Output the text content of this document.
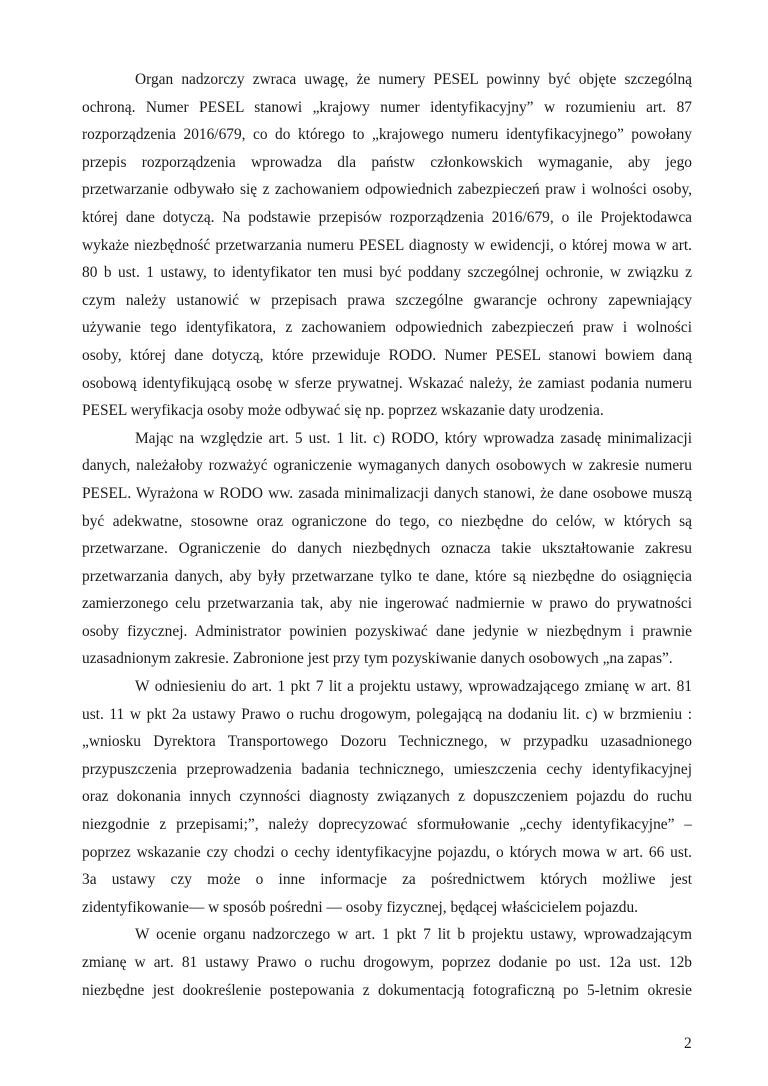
Organ nadzorczy zwraca uwagę, że numery PESEL powinny być objęte szczególną
ochroną. Numer PESEL stanowi „krajowy numer identyfikacyjny” w rozumieniu art. 87
rozporządzenia 2016/679, co do którego to „krajowego numeru identyfikacyjnego” powołany
przepis rozporządzenia wprowadza dla państw członkowskich wymaganie, aby jego
przetwarzanie odbywało się z zachowaniem odpowiednich zabezpieczeń praw i wolności osoby,
której dane dotyczą. Na podstawie przepisów rozporządzenia 2016/679, o ile Projektodawca
wykaże niezbędność przetwarzania numeru PESEL diagnosty w ewidencji, o której mowa w art.
80 b ust. 1 ustawy, to identyfikator ten musi być poddany szczególnej ochronie, w związku z
czym należy ustanowić w przepisach prawa szczególne gwarancje ochrony zapewniający
używanie tego identyfikatora, z zachowaniem odpowiednich zabezpieczeń praw i wolności
osoby, której dane dotyczą, które przewiduje RODO. Numer PESEL stanowi bowiem daną
osobową identyfikującą osobę w sferze prywatnej. Wskazać należy, że zamiast podania numeru
PESEL weryfikacja osoby może odbywać się np. poprzez wskazanie daty urodzenia.
Mając na względzie art. 5 ust. 1 lit. c) RODO, który wprowadza zasadę minimalizacji
danych, należałoby rozważyć ograniczenie wymaganych danych osobowych w zakresie numeru
PESEL. Wyrażona w RODO ww. zasada minimalizacji danych stanowi, że dane osobowe muszą
być adekwatne, stosowne oraz ograniczone do tego, co niezbędne do celów, w których są
przetwarzane. Ograniczenie do danych niezbędnych oznacza takie ukształtowanie zakresu
przetwarzania danych, aby były przetwarzane tylko te dane, które są niezbędne do osiągnięcia
zamierzonego celu przetwarzania tak, aby nie ingerować nadmiernie w prawo do prywatności
osoby fizycznej. Administrator powinien pozyskiwać dane jedynie w niezbędnym i prawnie
uzasadnionym zakresie. Zabronione jest przy tym pozyskiwanie danych osobowych „na zapas”.
W odniesieniu do art. 1 pkt 7 lit a projektu ustawy, wprowadzającego zmianę w art. 81
ust. 11 w pkt 2a ustawy Prawo o ruchu drogowym, polegającą na dodaniu lit. c) w brzmieniu :
„wniosku Dyrektora Transportowego Dozoru Technicznego, w przypadku uzasadnionego
przypuszczenia przeprowadzenia badania technicznego, umieszczenia cechy identyfikacyjnej
oraz dokonania innych czynności diagnosty związanych z dopuszczeniem pojazdu do ruchu
niezgodnie z przepisami;”, należy doprecyzować sformułowanie „cechy identyfikacyjne” –
poprzez wskazanie czy chodzi o cechy identyfikacyjne pojazdu, o których mowa w art. 66 ust.
3a ustawy czy może o inne informacje za pośrednictwem których możliwe jest
zidentyfikowanie— w sposób pośredni — osoby fizycznej, będącej właścicielem pojazdu.
W ocenie organu nadzorczego w art. 1 pkt 7 lit b projektu ustawy, wprowadzającym
zmianę w art. 81 ustawy Prawo o ruchu drogowym, poprzez dodanie po ust. 12a ust. 12b
niezbędne jest dookreślenie postepowania z dokumentacją fotograficzną po 5-letnim okresie
2
